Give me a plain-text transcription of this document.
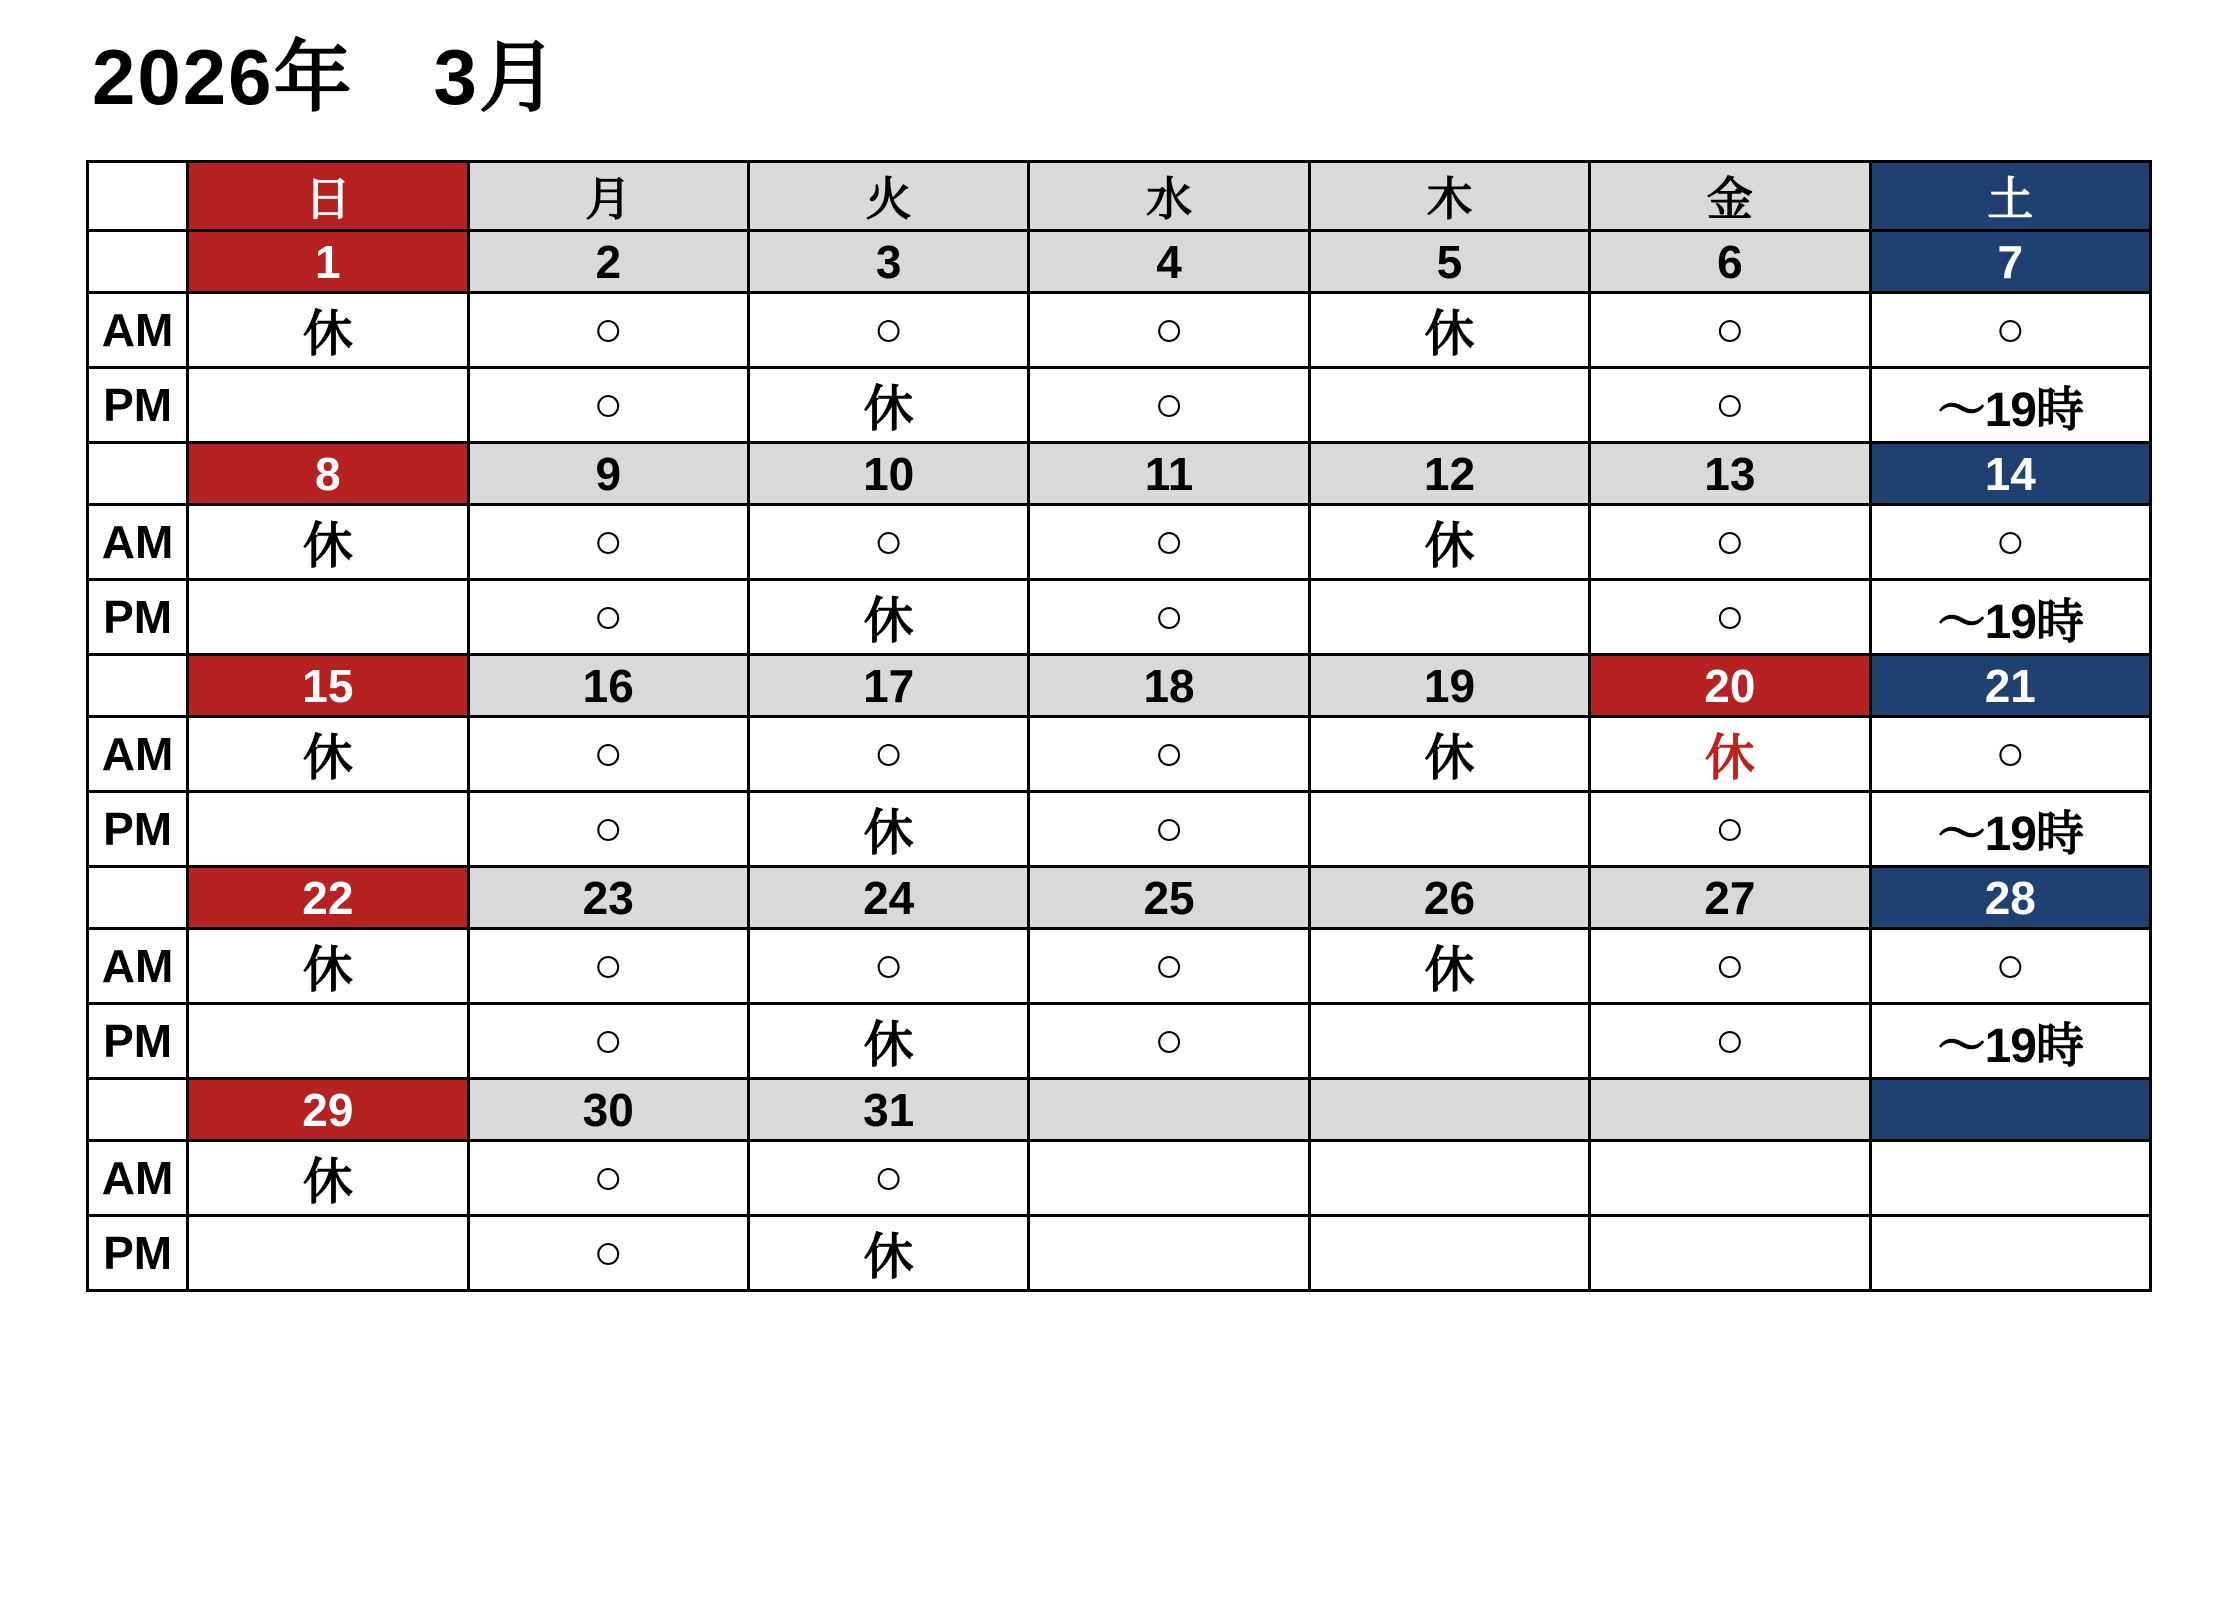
2026年　3月
	日	月	火	水	木	金	土
	1	2	3	4	5	6	7
AM	休	○	○	○	休	○	○
PM		○	休	○		○	～19時
	8	9	10	11	12	13	14
AM	休	○	○	○	休	○	○
PM		○	休	○		○	～19時
	15	16	17	18	19	20	21
AM	休	○	○	○	休	休	○
PM		○	休	○		○	～19時
	22	23	24	25	26	27	28
AM	休	○	○	○	休	○	○
PM		○	休	○		○	～19時
	29	30	31				
AM	休	○	○				
PM		○	休				
